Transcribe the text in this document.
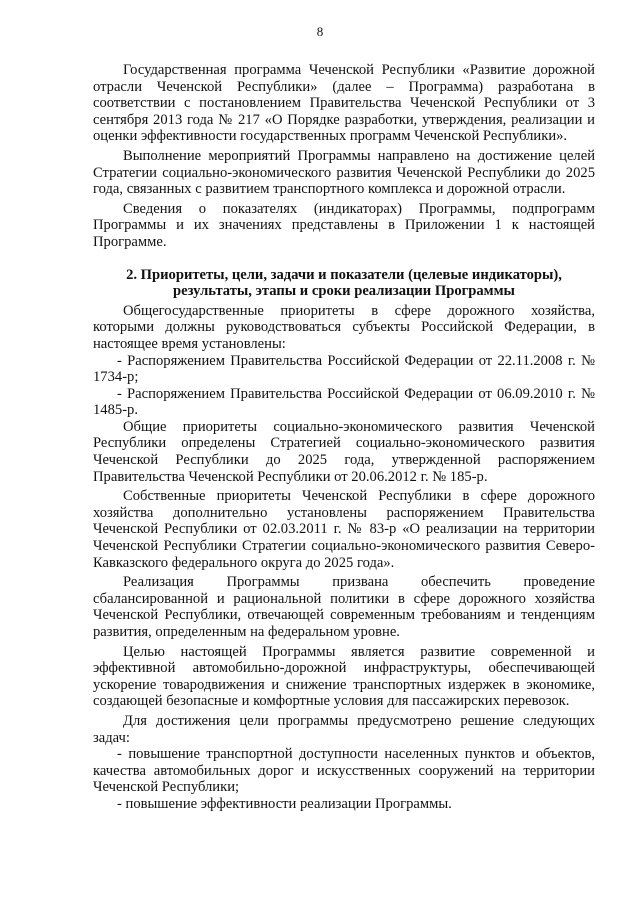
8

Государственная программа Чеченской Республики «Развитие дорожной отрасли Чеченской Республики» (далее – Программа) разработана в соответствии с постановлением Правительства Чеченской Республики от 3 сентября 2013 года № 217 «О Порядке разработки, утверждения, реализации и оценки эффективности государственных программ Чеченской Республики».

Выполнение мероприятий Программы направлено на достижение целей Стратегии социально-экономического развития Чеченской Республики до 2025 года, связанных с развитием транспортного комплекса и дорожной отрасли.

Сведения о показателях (индикаторах) Программы, подпрограмм Программы и их значениях представлены в Приложении 1 к настоящей Программе.

2. Приоритеты, цели, задачи и показатели (целевые индикаторы),
результаты, этапы и сроки реализации Программы

Общегосударственные приоритеты в сфере дорожного хозяйства, которыми должны руководствоваться субъекты Российской Федерации, в настоящее время установлены:

- Распоряжением Правительства Российской Федерации от 22.11.2008 г. № 1734-р;

- Распоряжением Правительства Российской Федерации от 06.09.2010 г. № 1485-р.

Общие приоритеты социально-экономического развития Чеченской Республики определены Стратегией социально-экономического развития Чеченской Республики до 2025 года, утвержденной распоряжением Правительства Чеченской Республики от 20.06.2012 г. № 185-р.

Собственные приоритеты Чеченской Республики в сфере дорожного хозяйства дополнительно установлены распоряжением Правительства Чеченской Республики от 02.03.2011 г. № 83-р «О реализации на территории Чеченской Республики Стратегии социально-экономического развития Северо-Кавказского федерального округа до 2025 года».

Реализация Программы призвана обеспечить проведение сбалансированной и рациональной политики в сфере дорожного хозяйства Чеченской Республики, отвечающей современным требованиям и тенденциям развития, определенным на федеральном уровне.

Целью настоящей Программы является развитие современной и эффективной автомобильно-дорожной инфраструктуры, обеспечивающей ускорение товародвижения и снижение транспортных издержек в экономике, создающей безопасные и комфортные условия для пассажирских перевозок.

Для достижения цели программы предусмотрено решение следующих задач:

- повышение транспортной доступности населенных пунктов и объектов, качества автомобильных дорог и искусственных сооружений на территории Чеченской Республики;

- повышение эффективности реализации Программы.
